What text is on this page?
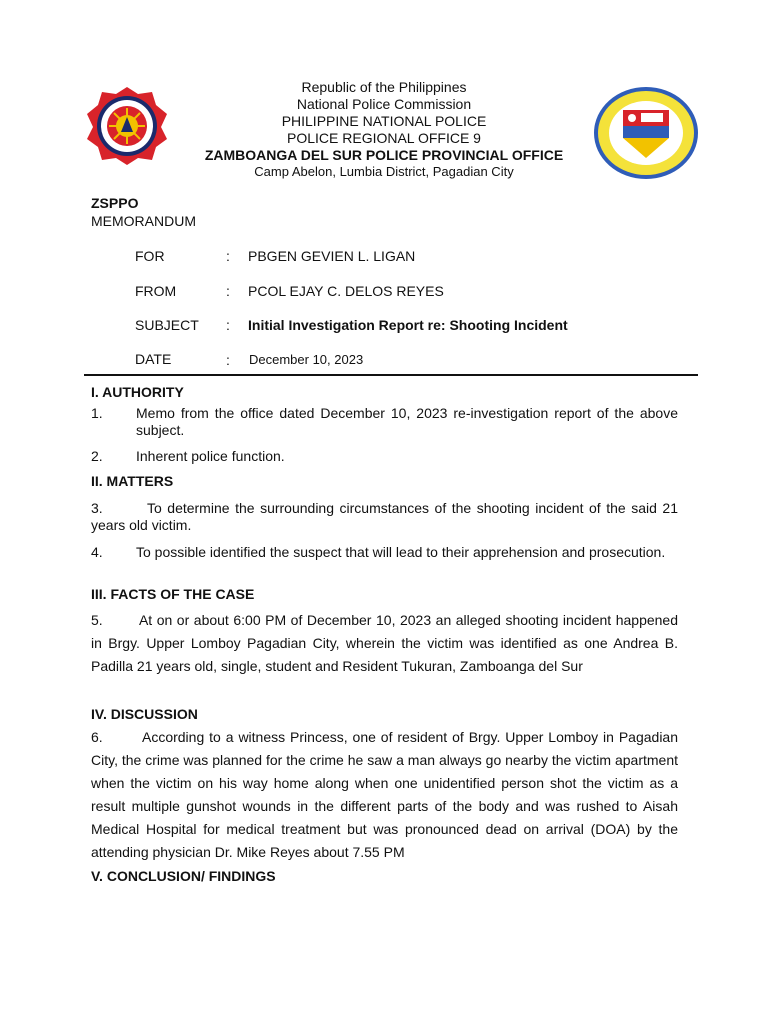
Republic of the Philippines
National Police Commission
PHILIPPINE NATIONAL POLICE
POLICE REGIONAL OFFICE 9
ZAMBOANGA DEL SUR POLICE PROVINCIAL OFFICE
Camp Abelon, Lumbia District, Pagadian City
ZSPPO
MEMORANDUM
FOR	: PBGEN GEVIEN L. LIGAN
FROM	: PCOL EJAY C. DELOS REYES
SUBJECT : Initial Investigation Report re: Shooting Incident
DATE	: December 10, 2023
I. AUTHORITY
1. Memo from the office dated December 10, 2023 re-investigation report of the above subject.
2. Inherent police function.
II. MATTERS
3.        To determine the surrounding circumstances of the shooting incident of the said 21 years old victim.
4. To possible identified the suspect that will lead to their apprehension and prosecution.
III. FACTS OF THE CASE
5.        At on or about 6:00 PM of December 10, 2023 an alleged shooting incident happened in Brgy. Upper Lomboy Pagadian City, wherein the victim was identified as one Andrea B. Padilla 21 years old, single, student and Resident Tukuran, Zamboanga del Sur
IV. DISCUSSION
6.        According to a witness Princess, one of resident of Brgy. Upper Lomboy in Pagadian City, the crime was planned for the crime he saw a man always go nearby the victim apartment when the victim on his way home along when one unidentified person shot the victim as a result multiple gunshot wounds in the different parts of the body and was rushed to Aisah Medical Hospital for medical treatment but was pronounced dead on arrival (DOA) by the attending physician Dr. Mike Reyes about 7.55 PM
V. CONCLUSION/ FINDINGS
